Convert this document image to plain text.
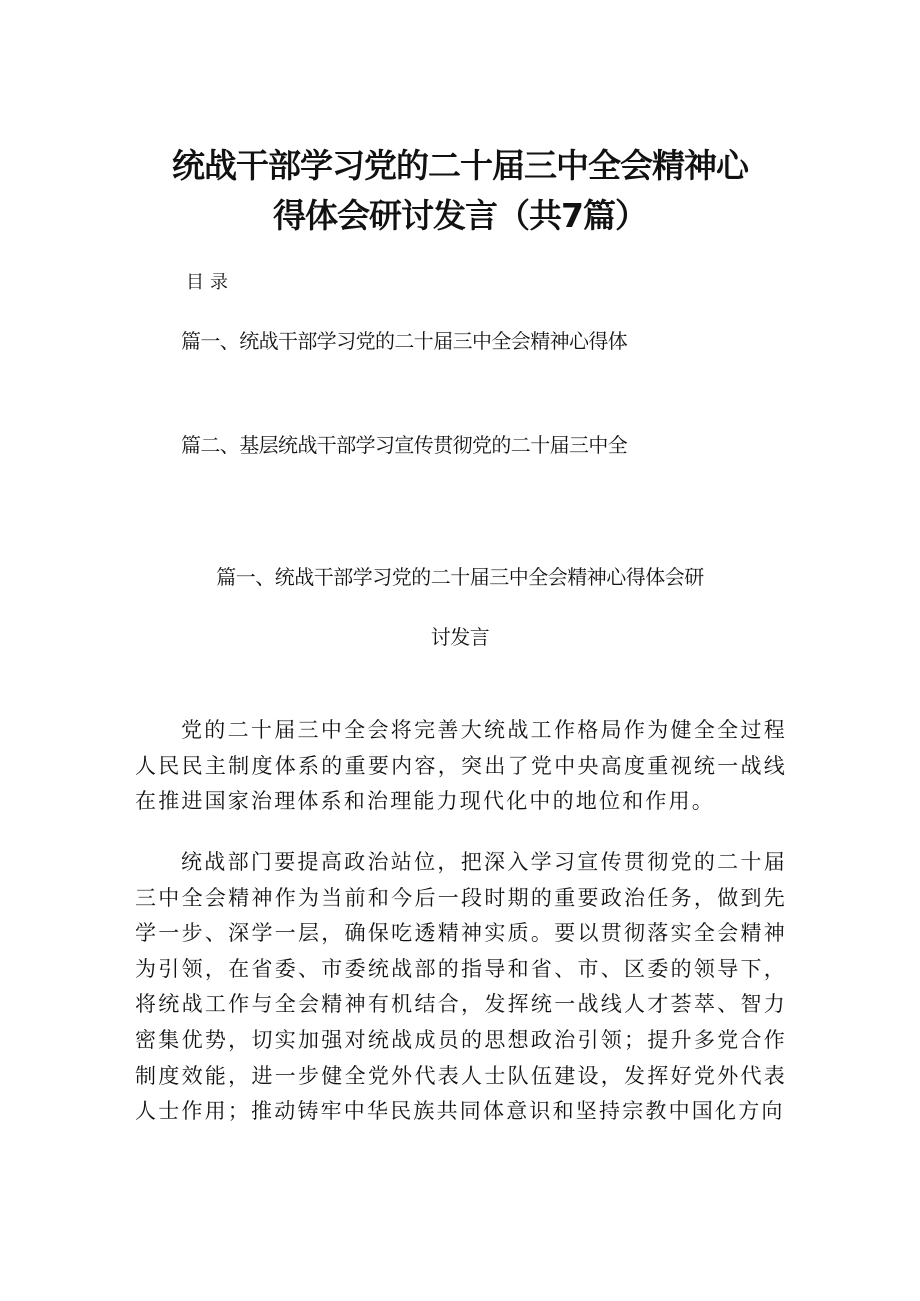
统战干部学习党的二十届三中全会精神心
得体会研讨发言（共7篇）
目录
篇一、统战干部学习党的二十届三中全会精神心得体
篇二、基层统战干部学习宣传贯彻党的二十届三中全
篇一、统战干部学习党的二十届三中全会精神心得体会研
讨发言

党的二十届三中全会将完善大统战工作格局作为健全全过程人民民主制度体系的重要内容，突出了党中央高度重视统一战线在推进国家治理体系和治理能力现代化中的地位和作用。

统战部门要提高政治站位，把深入学习宣传贯彻党的二十届三中全会精神作为当前和今后一段时期的重要政治任务，做到先学一步、深学一层，确保吃透精神实质。要以贯彻落实全会精神为引领，在省委、市委统战部的指导和省、市、区委的领导下，将统战工作与全会精神有机结合，发挥统一战线人才荟萃、智力密集优势，切实加强对统战成员的思想政治引领；提升多党合作制度效能，进一步健全党外代表人士队伍建设，发挥好党外代表人士作用；推动铸牢中华民族共同体意识和坚持宗教中国化方向
